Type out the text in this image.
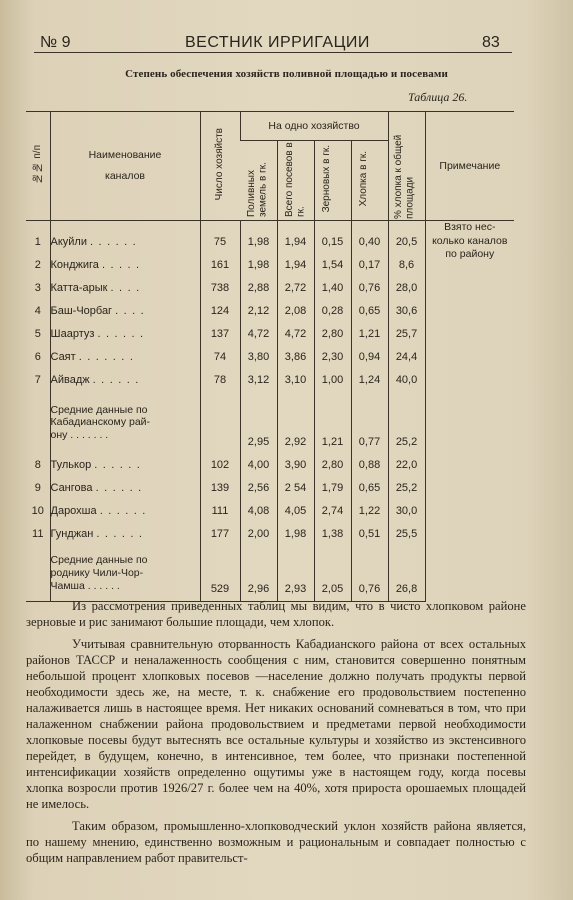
№ 9	ВЕСТНИК ИРРИГАЦИИ	83
Степень обеспечения хозяйств поливной площадью и посевами
Таблица 26.
№№ п/п	Наименование каналов	Число хозяйств	На одно хозяйство				% хлопка к общей площади	Примечание
			Поливных земель в гк.	Всего посевов в гк.	Зерновых в гк.	Хлопка в гк.		
1	Акуйли . . . . . .	75	1,98	1,94	0,15	0,40	20,5	Взято нес-
колько каналов
по району

2	Конджига . . . . .	161	1,98	1,94	1,54	0,17	8,6	
3	Катта-арык . . . .	738	2,88	2,72	1,40	0,76	28,0	
4	Баш-Чорбаг . . . .	124	2,12	2,08	0,28	0,65	30,6	
5	Шаартуз . . . . . .	137	4,72	4,72	2,80	1,21	25,7	
6	Саят . . . . . . .	74	3,80	3,86	2,30	0,94	24,4	
7	Айвадж . . . . . .	78	3,12	3,10	1,00	1,24	40,0	

	Средние данные по
Кабадианскому рай-
ону . . . . . . .		2,95	2,92	1,21	0,77	25,2	
8	Тулькор . . . . . .	102	4,00	3,90	2,80	0,88	22,0	
9	Сангова . . . . . .	139	2,56	2 54	1,79	0,65	25,2	
10	Дарохша . . . . . .	111	4,08	4,05	2,74	1,22	30,0	
11	Гунджан . . . . . .	177	2,00	1,98	1,38	0,51	25,5	

	Средние данные по
роднику Чили-Чор-
Чамша . . . . . .	529	2,96	2,93	2,05	0,76	26,8	

Из рассмотрения приведенных таблиц мы видим, что в чисто хлопковом районе зерновые и рис занимают большие площади, чем хлопок.

Учитывая сравнительную оторванность Кабадианского района от всех остальных районов ТАССР и неналаженность сообщения с ним, становится совершенно понятным небольшой процент хлопковых посевов —население должно получать продукты первой необходимости здесь же, на месте, т. к. снабжение его продовольствием постепенно налаживается лишь в настоящее время. Нет никаких оснований сомневаться в том, что при налаженном снабжении района продовольствием и предметами первой необходимости хлопковые посевы будут вытеснять все остальные культуры и хозяйство из экстенсивного перейдет, в будущем, конечно, в интенсивное, тем более, что признаки постепенной интенсификации хозяйств определенно ощутимы уже в настоящем году, когда посевы хлопка возросли против 1926/27 г. более чем на 40%, хотя прироста орошаемых площадей не имелось.

Таким образом, промышленно-хлопководческий уклон хозяйств района является, по нашему мнению, единственно возможным и рациональным и совпадает полностью с общим направлением работ правительст-
